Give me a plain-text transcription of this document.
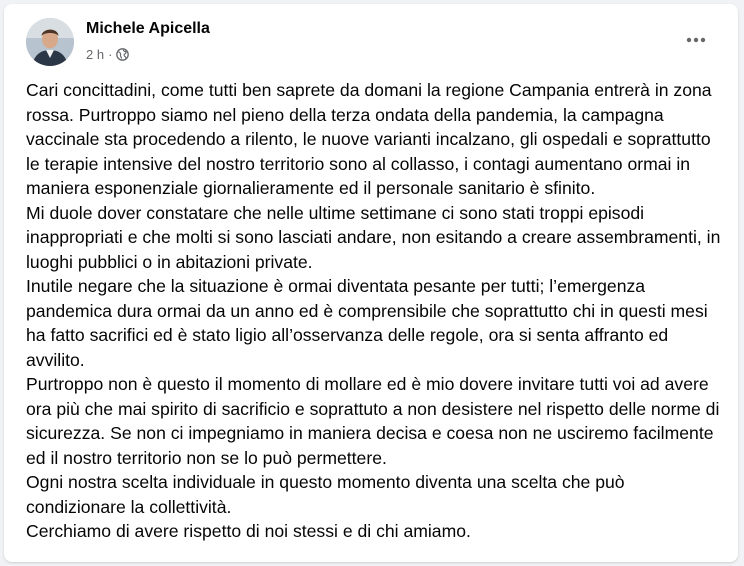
Michele Apicella
2 h ·

Cari concittadini, come tutti ben saprete da domani la regione Campania entrerà in zona rossa. Purtroppo siamo nel pieno della terza ondata della pandemia, la campagna vaccinale sta procedendo a rilento, le nuove varianti incalzano, gli ospedali e soprattutto le terapie intensive del nostro territorio sono al collasso, i contagi aumentano ormai in maniera esponenziale giornalieramente ed il personale sanitario è sfinito.

Mi duole dover constatare che nelle ultime settimane ci sono stati troppi episodi inappropriati e che molti si sono lasciati andare, non esitando a creare assembramenti, in luoghi pubblici o in abitazioni private.

Inutile negare che la situazione è ormai diventata pesante per tutti; l’emergenza pandemica dura ormai da un anno ed è comprensibile che soprattutto chi in questi mesi ha fatto sacrifici ed è stato ligio all’osservanza delle regole, ora si senta affranto ed avvilito.

Purtroppo non è questo il momento di mollare ed è mio dovere invitare tutti voi ad avere ora più che mai spirito di sacrificio e soprattuto a non desistere nel rispetto delle norme di sicurezza. Se non ci impegniamo in maniera decisa e coesa non ne usciremo facilmente ed il nostro territorio non se lo può permettere.

Ogni nostra scelta individuale in questo momento diventa una scelta che può condizionare la collettività.

Cerchiamo di avere rispetto di noi stessi e di chi amiamo.
